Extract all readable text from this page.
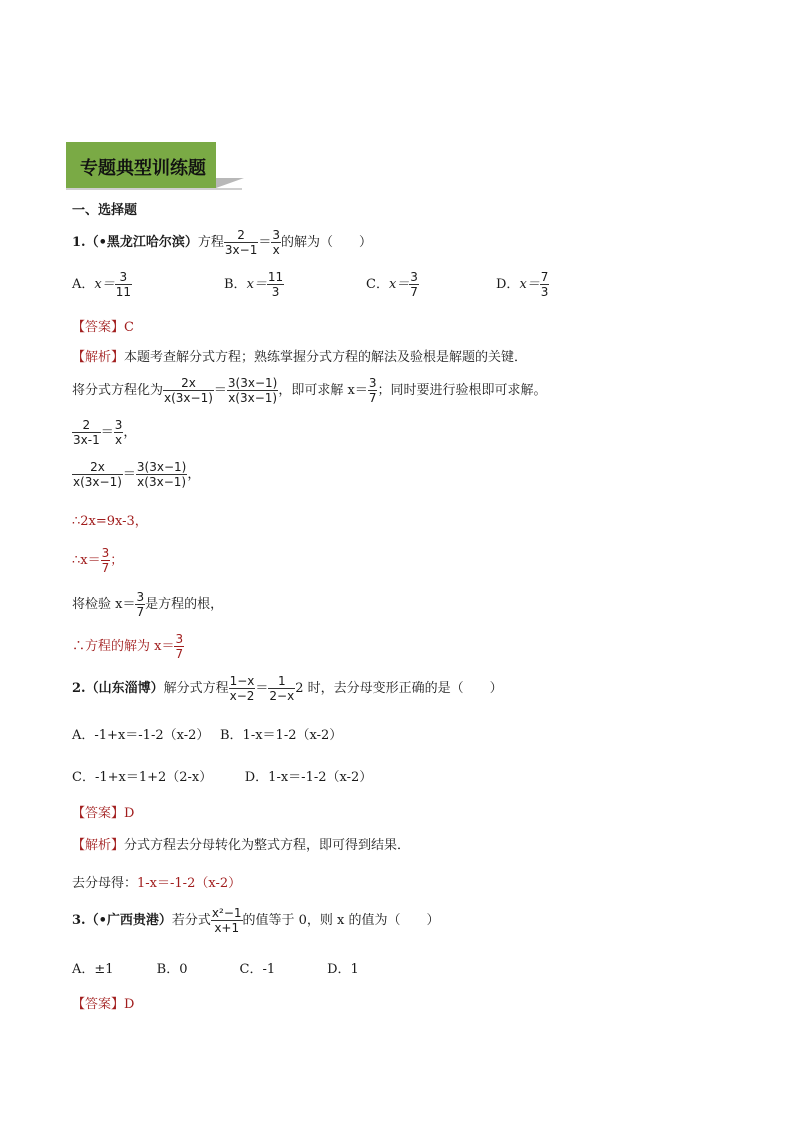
专题典型训练题
一、选择题
1.（•黑龙江哈尔滨）方程 $\frac{2}{3x-1} = \frac{3}{x}$ 的解为（　　）
A．$x= \frac{3}{11}$	B．$x= \frac{11}{3}$	C．$x= \frac{3}{7}$	D．$x= \frac{7}{3}$
【答案】C
【解析】本题考查解分式方程；熟练掌握分式方程的解法及验根是解题的关键．
将分式方程化为 $\frac{2x}{x(3x-1)} = \frac{3(3x-1)}{x(3x-1)}$ ，即可求解 $x= \frac{3}{7}$ ；同时要进行验根即可求解。
$\frac{2}{3x-1} = \frac{3}{x}$ ，
$\frac{2x}{x(3x-1)} = \frac{3(3x-1)}{x(3x-1)}$ ，
∴2x=9x-3，
∴x＝ $\frac{3}{7}$ ；
将检验 $x= \frac{3}{7}$ 是方程的根，
∴方程的解为 $x= \frac{3}{7}$
2.（山东淄博）解分式方程 $\frac{1-x}{x-2} = \frac{1}{2-x} 2$ 时，去分母变形正确的是（　　）
A．-1+x＝-1-2（x-2）　 B．1-x＝1-2（x-2）
C．-1+x＝1+2（2-x）　　　D．1-x＝-1-2（x-2）
【答案】D
【解析】分式方程去分母转化为整式方程，即可得到结果．
去分母得：1-x＝-1-2（x-2）
3.（•广西贵港）若分式 $\frac{\text{x²−1}}{x+1}$ 的值等于 0，则 x 的值为（　　）
A．±1　　　 B．0　　　　C．-1　　　　D．1
【答案】D
